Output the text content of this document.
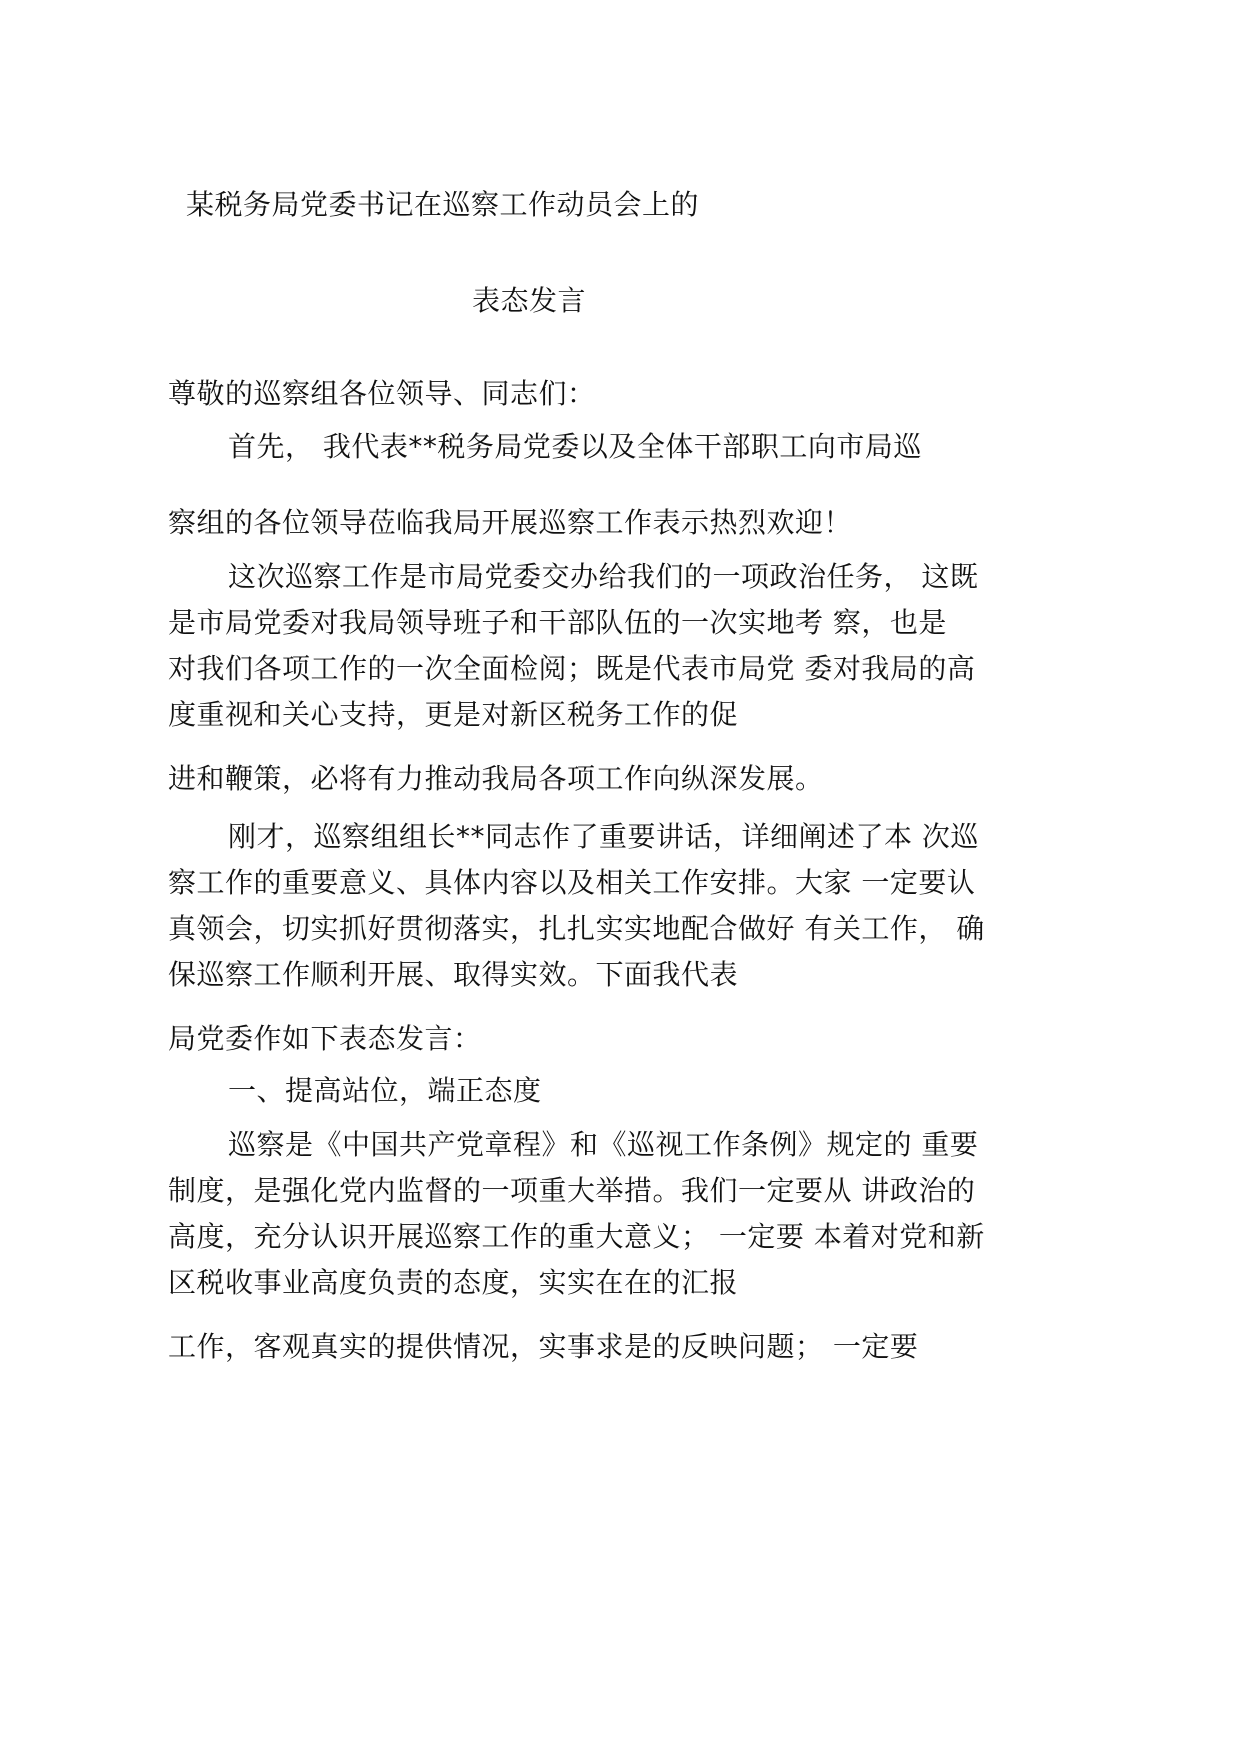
某税务局党委书记在巡察工作动员会上的
表态发言
尊敬的巡察组各位领导、同志们：
首先， 我代表**税务局党委以及全体干部职工向市局巡
察组的各位领导莅临我局开展巡察工作表示热烈欢迎！
这次巡察工作是市局党委交办给我们的一项政治任务， 这既
是市局党委对我局领导班子和干部队伍的一次实地考 察，也是
对我们各项工作的一次全面检阅；既是代表市局党 委对我局的高
度重视和关心支持，更是对新区税务工作的促
进和鞭策，必将有力推动我局各项工作向纵深发展。
刚才，巡察组组长**同志作了重要讲话，详细阐述了本 次巡
察工作的重要意义、具体内容以及相关工作安排。大家 一定要认
真领会，切实抓好贯彻落实，扎扎实实地配合做好 有关工作， 确
保巡察工作顺利开展、取得实效。下面我代表
局党委作如下表态发言：
一、提高站位，端正态度
巡察是《中国共产党章程》和《巡视工作条例》规定的 重要
制度，是强化党内监督的一项重大举措。我们一定要从 讲政治的
高度，充分认识开展巡察工作的重大意义； 一定要 本着对党和新
区税收事业高度负责的态度，实实在在的汇报
工作，客观真实的提供情况，实事求是的反映问题； 一定要
